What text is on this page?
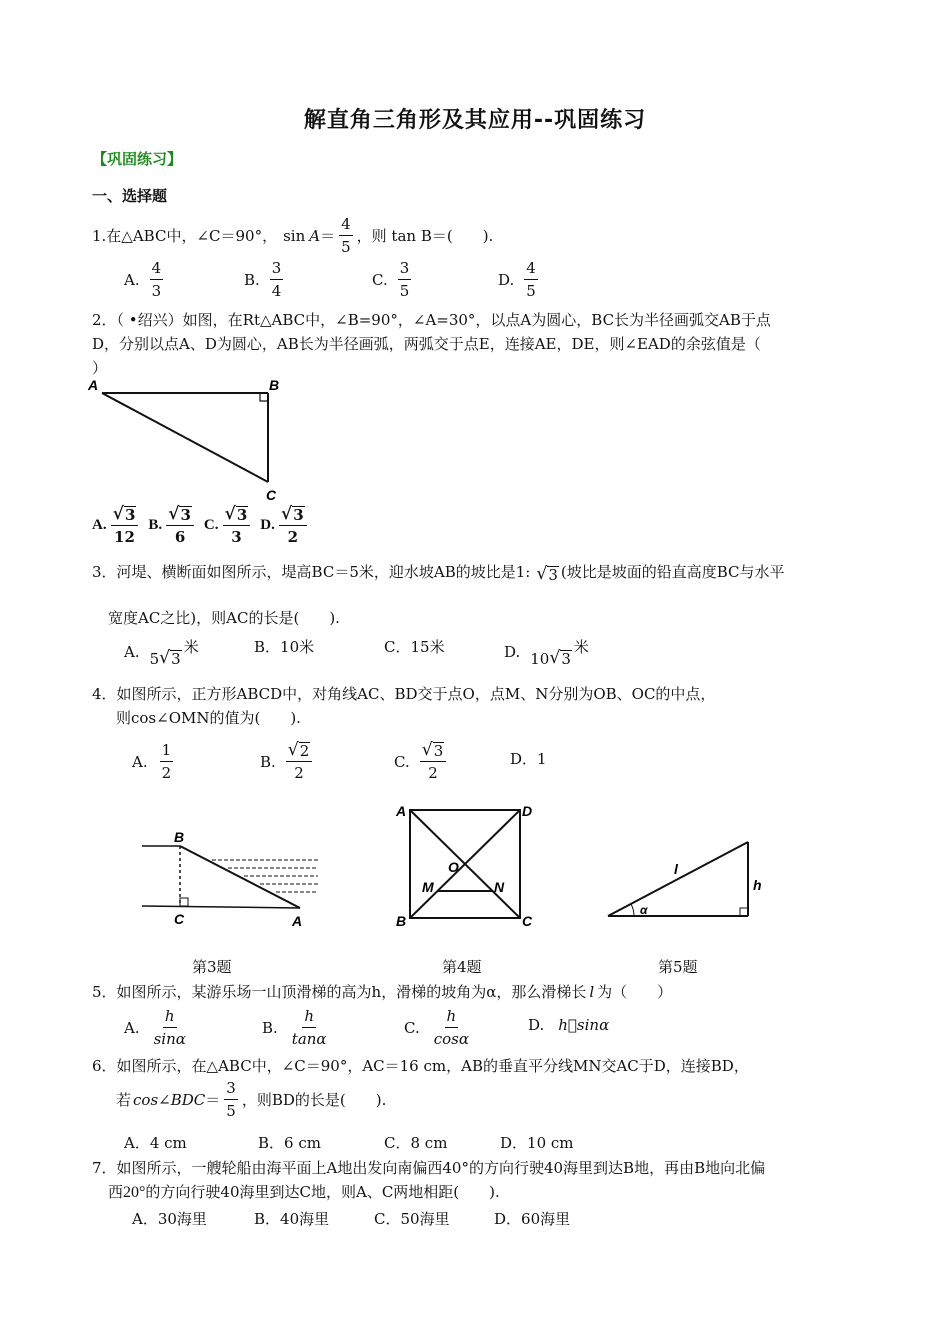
解直角三角形及其应用--巩固练习
【巩固练习】
一、选择题
1.在△ABC中，∠C＝90°， $\sin A = \frac{4}{5}$ ，则 tan B＝(　　).
A. $\frac{4}{3}$	B. $\frac{3}{4}$	C. $\frac{3}{5}$	D. $\frac{4}{5}$
2．（ •绍兴）如图，在Rt△ABC中，∠B=90°，∠A=30°，以点A为圆心，BC长为半径画弧交AB于点
D，分别以点A、D为圆心，AB长为半径画弧，两弧交于点E，连接AE，DE，则∠EAD的余弦值是（
）
A	B
C
A. $\frac{√ 3}{12} B$. $\frac{√ 3}{6} C$. $\frac{√ 3}{3} D$. $\frac{√ 3}{2}$
3．河堤、横断面如图所示，堤高BC＝5米，迎水坡AB的坡比是1: √ 3 (坡比是坡面的铅直高度BC与水平
宽度AC之比)，则AC的长是(　　).
A. 5 √ 3
米	B．10米	C．15米	D. 10 √ 3
米
4．如图所示，正方形ABCD中，对角线AC、BD交于点O，点M、N分别为OB、OC的中点，
则cos∠OMN的值为(　　).
A. $\frac{1}{2}$	B. $\frac{√ 2}{2}$	C. $\frac{√ 3}{2}$	D．1
B
C	A
第3题
A	D
B	C
O
M	N
第4题
l
h
α
第5题
5．如图所示，某游乐场一山顶滑梯的高为h，滑梯的坡角为α，那么滑梯长 l 为（　　）
A. $\frac{h}{\sin\alpha}$	B. $\frac{h}{\tan\alpha}$	C. $\frac{h}{\cos\alpha}$	D. h sinα
6．如图所示，在△ABC中，∠C＝90°，AC＝16 cm，AB的垂直平分线MN交AC于D，连接BD，
若 cos∠BDC ＝ $\frac{3}{5}$ ，则BD的长是(　　).
A．4 cm	B．6 cm	C．8 cm	D．10 cm
7．如图所示，一艘轮船由海平面上A地出发向南偏西40°的方向行驶40海里到达B地，再由B地向北偏
西20°的方向行驶40海里到达C地，则A、C两地相距(　　).
A．30海里	B．40海里	C．50海里	D．60海里
